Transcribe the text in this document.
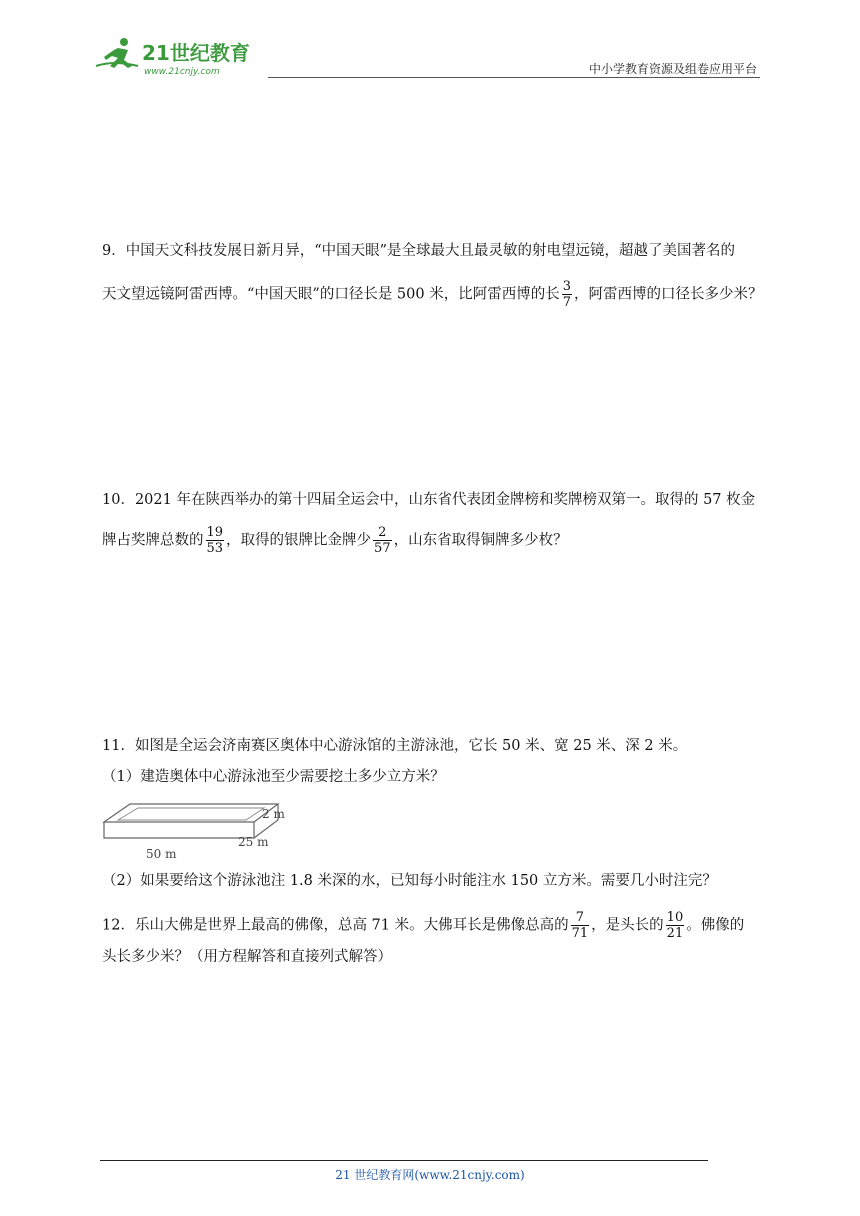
21世纪教育
www.21cnjy.com	中小学教育资源及组卷应用平台
9．中国天文科技发展日新月异，“中国天眼”是全球最大且最灵敏的射电望远镜，超越了美国著名的
天文望远镜阿雷西博。“中国天眼”的口径长是 500 米，比阿雷西博的长 $\frac{3}{7}$ ，阿雷西博的口径长多少米？
10．2021 年在陕西举办的第十四届全运会中，山东省代表团金牌榜和奖牌榜双第一。取得的 57 枚金
牌占奖牌总数的 $\frac{19}{53}$ ，取得的银牌比金牌少 $\frac{2}{57}$ ，山东省取得铜牌多少枚？
11．如图是全运会济南赛区奥体中心游泳馆的主游泳池，它长 50 米、宽 25 米、深 2 米。
（1）建造奥体中心游泳池至少需要挖土多少立方米？
2 m
25 m
50 m
（2）如果要给这个游泳池注 1.8 米深的水，已知每小时能注水 150 立方米。需要几小时注完？
12．乐山大佛是世界上最高的佛像，总高 71 米。大佛耳长是佛像总高的 $\frac{7}{71}$ ，是头长的 $\frac{10}{21}$ 。佛像的
头长多少米？（用方程解答和直接列式解答）
21 世纪教育网(www.21cnjy.com)
